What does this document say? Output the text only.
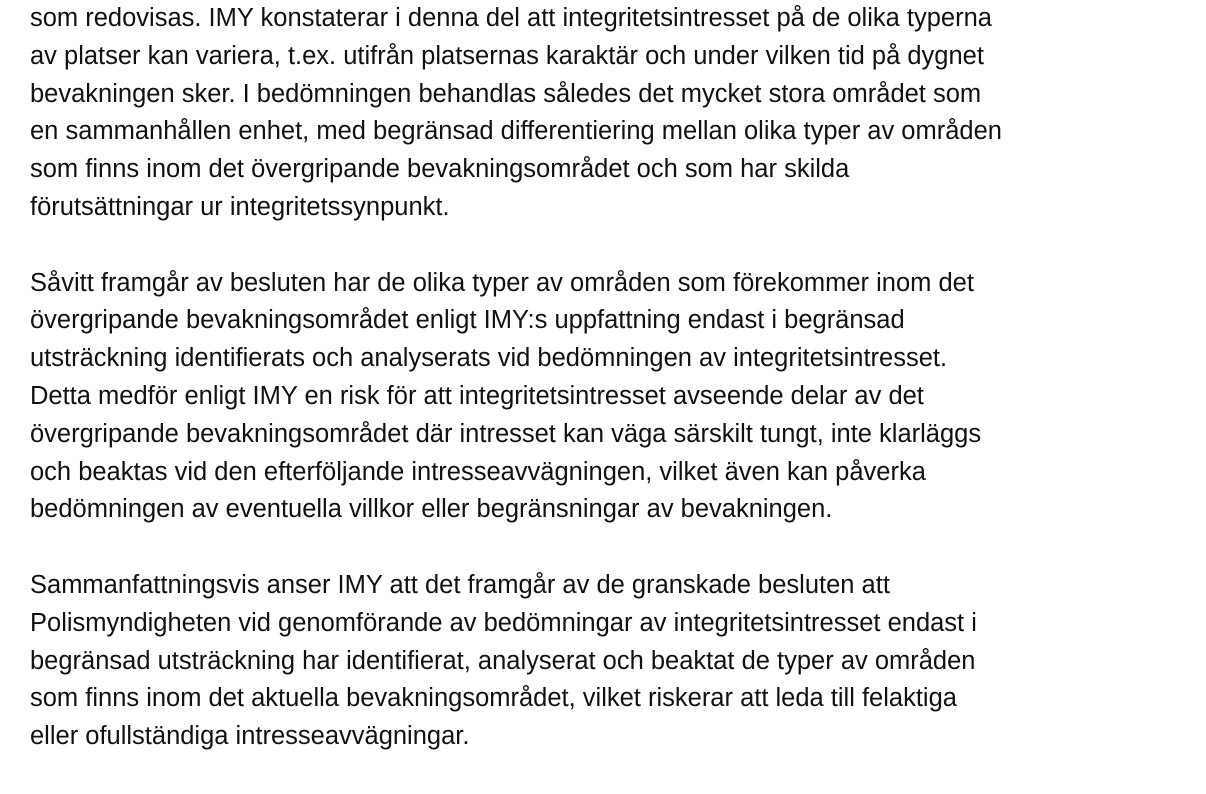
som redovisas. IMY konstaterar i denna del att integritetsintresset på de olika typerna
av platser kan variera, t.ex. utifrån platsernas karaktär och under vilken tid på dygnet
bevakningen sker. I bedömningen behandlas således det mycket stora området som
en sammanhållen enhet, med begränsad differentiering mellan olika typer av områden
som finns inom det övergripande bevakningsområdet och som har skilda
förutsättningar ur integritetssynpunkt.

Såvitt framgår av besluten har de olika typer av områden som förekommer inom det
övergripande bevakningsområdet enligt IMY:s uppfattning endast i begränsad
utsträckning identifierats och analyserats vid bedömningen av integritetsintresset.
Detta medför enligt IMY en risk för att integritetsintresset avseende delar av det
övergripande bevakningsområdet där intresset kan väga särskilt tungt, inte klarläggs
och beaktas vid den efterföljande intresseavvägningen, vilket även kan påverka
bedömningen av eventuella villkor eller begränsningar av bevakningen.

Sammanfattningsvis anser IMY att det framgår av de granskade besluten att
Polismyndigheten vid genomförande av bedömningar av integritetsintresset endast i
begränsad utsträckning har identifierat, analyserat och beaktat de typer av områden
som finns inom det aktuella bevakningsområdet, vilket riskerar att leda till felaktiga
eller ofullständiga intresseavvägningar.
